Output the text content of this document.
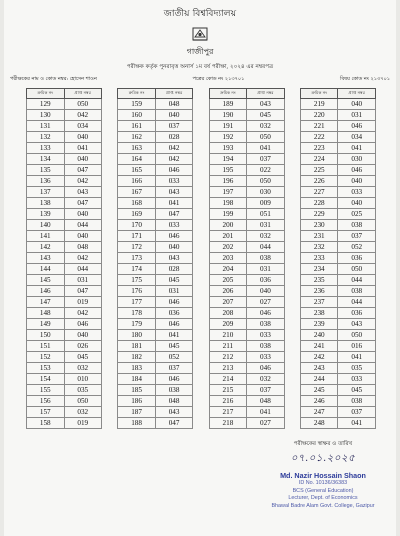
জাতীয় বিশ্ববিদ্যালয়
গাজীপুর
পরীক্ষক কর্তৃক পুনরাবৃত্ত অনার্স ১ম বর্ষ পরীক্ষা, ২০২৪ এর নম্বরপত্র
পরীক্ষকের নাম ও কোড নম্বর: হোসেন শাওন	পত্রের কোড নং ২১৩৭০১	বিষয় কোড নং ২১৩৭০১
ক্রমিক নং	প্রাপ্ত নম্বর
129	050
130	042
131	034
132	040
133	041
134	040
135	047
136	042
137	043
138	047
139	040
140	044
141	040
142	048
143	042
144	044
145	031
146	047
147	019
148	042
149	046
150	040
151	026
152	045
153	032
154	010
155	035
156	050
157	032
158	019
ক্রমিক নং	প্রাপ্ত নম্বর
159	048
160	040
161	037
162	028
163	042
164	042
165	046
166	033
167	043
168	041
169	047
170	033
171	046
172	040
173	043
174	028
175	045
176	031
177	046
178	036
179	046
180	041
181	045
182	052
183	037
184	046
185	038
186	048
187	043
188	047
ক্রমিক নং	প্রাপ্ত নম্বর
189	043
190	045
191	032
192	050
193	041
194	037
195	022
196	050
197	030
198	009
199	051
200	031
201	032
202	044
203	038
204	031
205	036
206	040
207	027
208	046
209	038
210	033
211	038
212	033
213	046
214	032
215	037
216	048
217	041
218	027
ক্রমিক নং	প্রাপ্ত নম্বর
219	040
220	031
221	046
222	034
223	041
224	030
225	046
226	040
227	033
228	040
229	025
230	038
231	037
232	052
233	036
234	050
235	044
236	038
237	044
238	036
239	043
240	050
241	016
242	041
243	035
244	033
245	045
246	038
247	037
248	041
পরীক্ষকের স্বাক্ষর ও তারিখ
০৭.০১.২০২৫
Md. Nazir Hossain Shaon
ID No. 10136/36383
BCS (General Education)
Lecturer, Dept. of Economics
Bhawal Badre Alam Govt. College, Gazipur
